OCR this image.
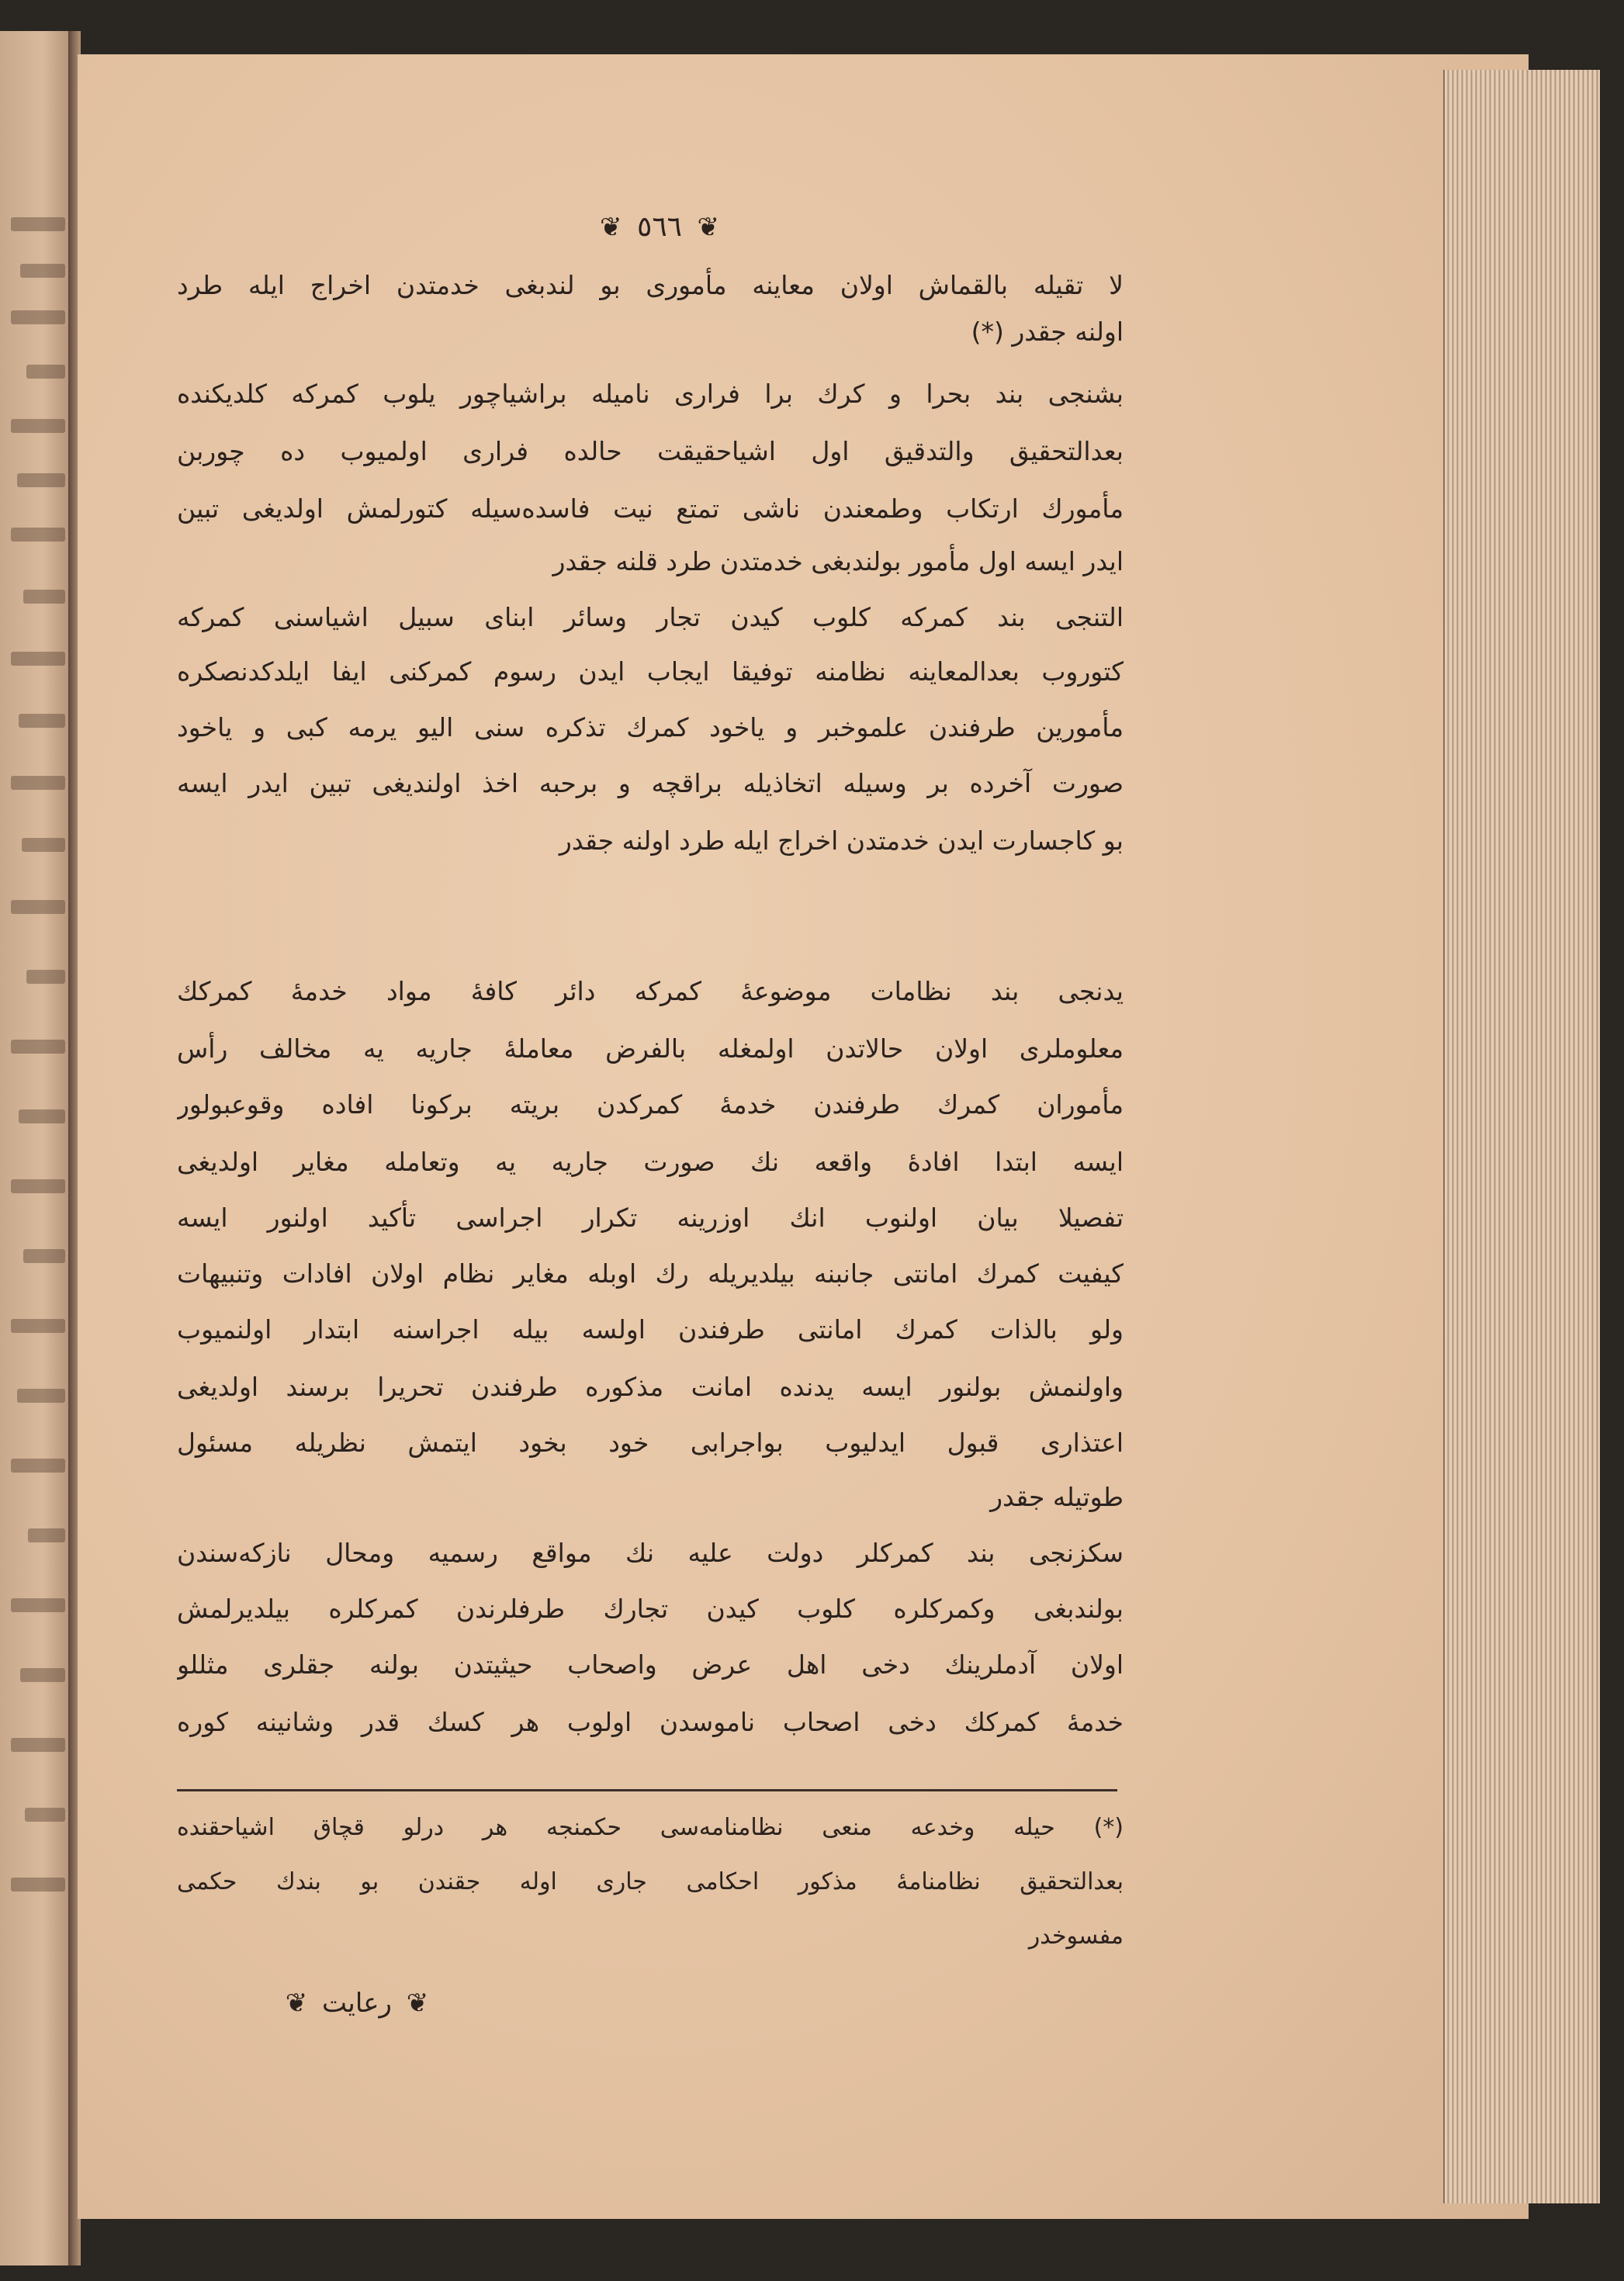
❦ ٥٦٦ ❦
لا تقيله بالقماش اولان معاينه مأموری بو لندبغی خدمتدن اخراج ایله طرد
اولنه جقدر (*)
بشنجی بند بحرا و کرك برا فراری نامیله براشیاچور یلوب کمرکه کلدیکنده
بعدالتحقیق والتدقیق اول اشیاحقیقت حالده فراری اولمیوب ده چوربن
مأمورك ارتکاب وطمعندن ناشی تمتع نیت فاسده‌سیله کتورلمش اولدیغی تبین
ایدر ایسه اول مأمور بولندبغی خدمتدن طرد قلنه جقدر
التنجی بند کمرکه کلوب کیدن تجار وسائر ابنای سبیل اشیاسنی کمرکه
کتوروب بعدالمعاینه نظامنه توفیقا ایجاب ایدن رسوم کمرکنی ایفا ایلدکدنصکره
مأمورین طرفندن علموخبر و یاخود کمرك تذکره سنی الیو یرمه کبی و یاخود
صورت آخرده بر وسیله اتخاذیله براقچه و برحبه اخذ اولندیغی تبین ایدر ایسه
بو کاجسارت ایدن خدمتدن اخراج ایله طرد اولنه جقدر
یدنجی بند نظامات موضوعهٔ کمرکه دائر کافهٔ مواد خدمهٔ کمرکك
معلوملری اولان حالاتدن اولمغله بالفرض معاملهٔ جاریه یه مخالف رأس
مأموران کمرك طرفندن خدمهٔ کمرکدن بریته برکونا افاده وقوعبولور
ایسه ابتدا افادهٔ واقعه نك صورت جاریه یه وتعامله مغایر اولدیغی
تفصیلا بیان اولنوب انك اوزرینه تکرار اجراسی تأکید اولنور ایسه
کیفیت کمرك امانتی جانبنه بیلدیریله رك اوبله مغایر نظام اولان افادات وتنبیهات
ولو بالذات کمرك امانتی طرفندن اولسه بیله اجراسنه ابتدار اولنمیوب
واولنمش بولنور ایسه یدنده امانت مذکوره طرفندن تحریرا برسند اولدیغی
اعتذاری قبول ایدلیوب بواجرابی خود بخود ایتمش نظریله مسئول
طوتیله جقدر
سکزنجی بند کمرکلر دولت علیه نك مواقع رسمیه ومحال نازکه‌سندن
بولندبغی وکمرکلره کلوب کیدن تجارك طرفلرندن کمرکلره بیلدیرلمش
اولان آدملرینك دخی اهل عرض واصحاب حیثیتدن بولنه جقلری مثللو
خدمهٔ کمرکك دخی اصحاب ناموسدن اولوب هر کسك قدر وشانینه کوره
(*) حیله وخدعه منعی نظامنامه‌سی حکمنجه هر درلو قچاق اشیاحقنده
بعدالتحقیق نظامنامهٔ مذکور احکامی جاری اوله جقندن بو بندك حکمی
مفسوخدر
❦ رعایت ❦
